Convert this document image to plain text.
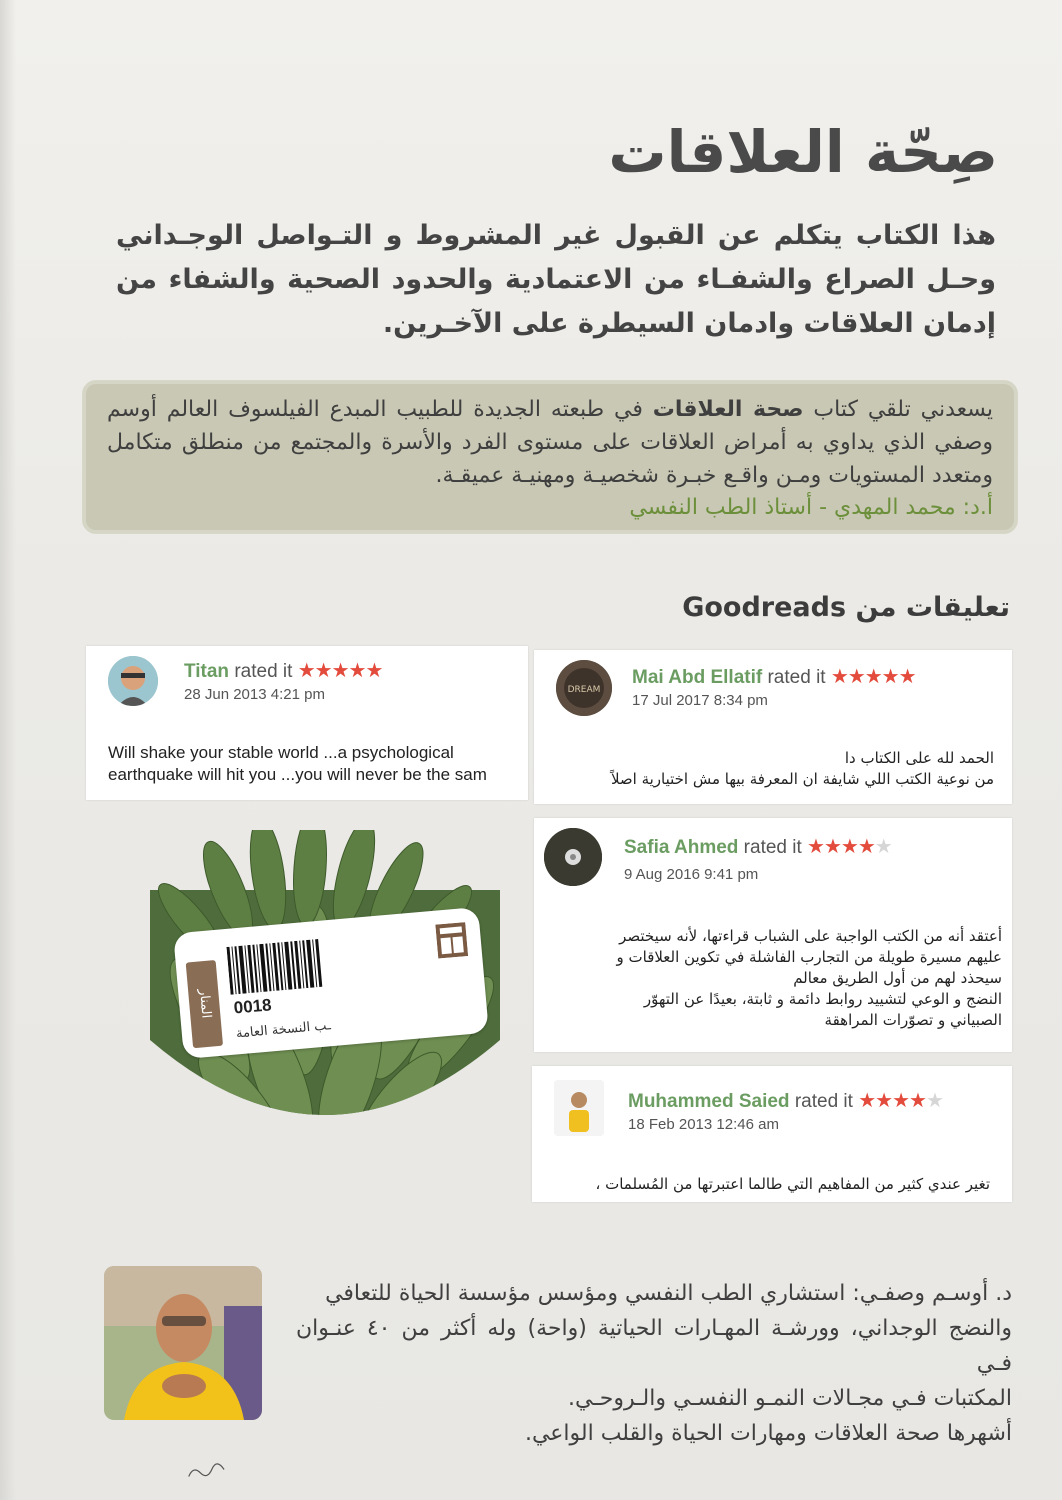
صِحّة العلاقات
هذا الكتاب يتكلم عن القبول غير المشروط و التـواصل الوجـداني وحـل الصراع والشفـاء من الاعتمادية والحدود الصحية والشفاء من إدمان العلاقات وادمان السيطرة على الآخـرين.
يسعدني تلقي كتاب صحة العلاقات في طبعته الجديدة للطبيب المبدع الفيلسوف العالم أوسم وصفي الذي يداوي به أمراض العلاقات على مستوى الفرد والأسرة والمجتمع من منطلق متكامل ومتعدد المستويات ومـن واقـع خبـرة شخصيـة ومهنيـة عميقـة.
أ.د: محمد المهدي - أستاذ الطب النفسي
تعليقات من Goodreads
Titan rated it ★★★★★
28 Jun 2013 4:21 pm
Will shake your stable world ...a psychological
earthquake will hit you ...you will never be the sam
DREAM
Mai Abd Ellatif rated it ★★★★★
17 Jul 2017 8:34 pm
الحمد لله على الكتاب دا
من نوعية الكتب اللي شايفة ان المعرفة بيها مش اختيارية اصلاً
Safia Ahmed rated it ★★★★★
9 Aug 2016 9:41 pm
أعتقد أنه من الكتب الواجبة على الشباب قراءتها، لأنه سيختصر
عليهم مسيرة طويلة من التجارب الفاشلة في تكوين العلاقات و
سيحذد لهم من أول الطريق معالم
النضج و الوعي لتشييد روابط دائمة و ثابتة، بعيدًا عن التهوّر
الصبياني و تصوّرات المراهقة
Muhammed Saied rated it ★★★★★
18 Feb 2013 12:46 am
تغير عندي كثير من المفاهيم التي طالما اعتبرتها من المُسلمات ،
المنار	0018
ـب النسخة العامة
د. أوسـم وصفـي: استشاري الطب النفسي ومؤسس مؤسسة الحياة للتعافي
والنضج الوجداني، وورشـة المهـارات الحياتية (واحة) وله أكثر من ٤٠ عنـوان فـي
المكتبات فـي مجـالات النمـو النفسـي والـروحـي.
أشهرها صحة العلاقات ومهارات الحياة والقلب الواعي.
